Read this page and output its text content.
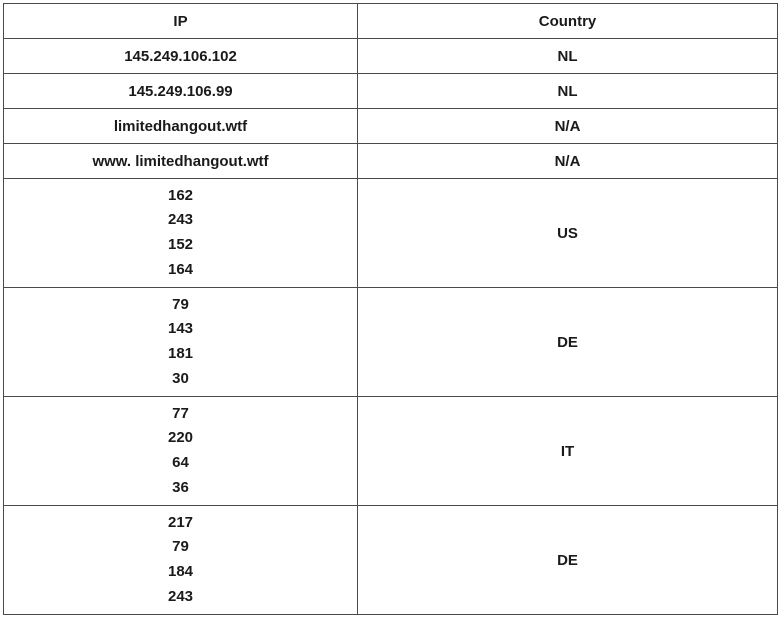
IP	Country
145.249.106.102	NL
145.249.106.99	NL
limitedhangout.wtf	N/A
www. limitedhangout.wtf	N/A

162
243
152
164	US

79
143
181
30	DE

77
220
64
36	IT

217
79
184
243	DE
